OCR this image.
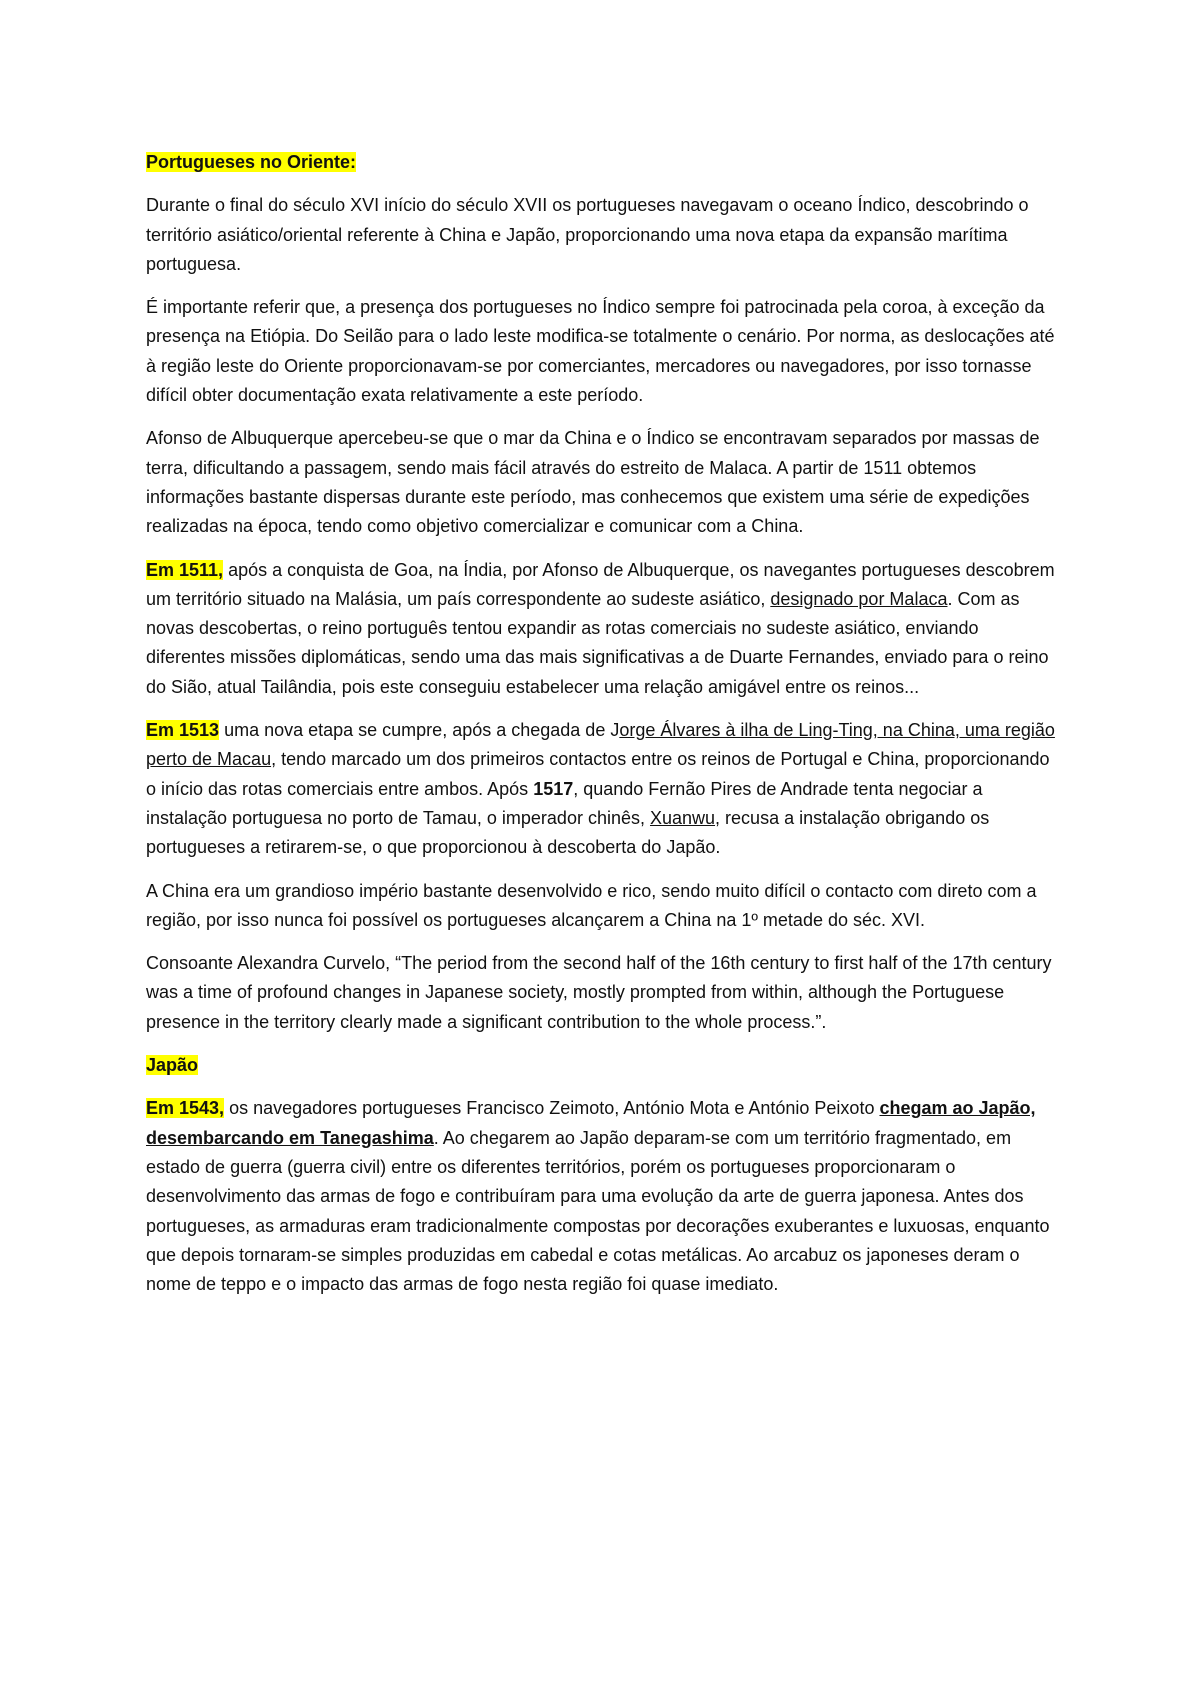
Portugueses no Oriente:

Durante o final do século XVI início do século XVII os portugueses navegavam o oceano Índico, descobrindo o território asiático/oriental referente à China e Japão, proporcionando uma nova etapa da expansão marítima portuguesa.

É importante referir que, a presença dos portugueses no Índico sempre foi patrocinada pela coroa, à exceção da presença na Etiópia. Do Seilão para o lado leste modifica-se totalmente o cenário. Por norma, as deslocações até à região leste do Oriente proporcionavam-se por comerciantes, mercadores ou navegadores, por isso tornasse difícil obter documentação exata relativamente a este período.

Afonso de Albuquerque apercebeu-se que o mar da China e o Índico se encontravam separados por massas de terra, dificultando a passagem, sendo mais fácil através do estreito de Malaca. A partir de 1511 obtemos informações bastante dispersas durante este período, mas conhecemos que existem uma série de expedições realizadas na época, tendo como objetivo comercializar e comunicar com a China.

Em 1511, após a conquista de Goa, na Índia, por Afonso de Albuquerque, os navegantes portugueses descobrem um território situado na Malásia, um país correspondente ao sudeste asiático, designado por Malaca. Com as novas descobertas, o reino português tentou expandir as rotas comerciais no sudeste asiático, enviando diferentes missões diplomáticas, sendo uma das mais significativas a de Duarte Fernandes, enviado para o reino do Sião, atual Tailândia, pois este conseguiu estabelecer uma relação amigável entre os reinos...

Em 1513 uma nova etapa se cumpre, após a chegada de Jorge Álvares à ilha de Ling-Ting, na China, uma região perto de Macau, tendo marcado um dos primeiros contactos entre os reinos de Portugal e China, proporcionando o início das rotas comerciais entre ambos. Após 1517, quando Fernão Pires de Andrade tenta negociar a instalação portuguesa no porto de Tamau, o imperador chinês, Xuanwu, recusa a instalação obrigando os portugueses a retirarem-se, o que proporcionou à descoberta do Japão.

A China era um grandioso império bastante desenvolvido e rico, sendo muito difícil o contacto com direto com a região, por isso nunca foi possível os portugueses alcançarem a China na 1º metade do séc. XVI.

Consoante Alexandra Curvelo, “The period from the second half of the 16th century to first half of the 17th century was a time of profound changes in Japanese society, mostly prompted from within, although the Portuguese presence in the territory clearly made a significant contribution to the whole process.”.

Japão

Em 1543, os navegadores portugueses Francisco Zeimoto, António Mota e António Peixoto chegam ao Japão, desembarcando em Tanegashima. Ao chegarem ao Japão deparam-se com um território fragmentado, em estado de guerra (guerra civil) entre os diferentes territórios, porém os portugueses proporcionaram o desenvolvimento das armas de fogo e contribuíram para uma evolução da arte de guerra japonesa. Antes dos portugueses, as armaduras eram tradicionalmente compostas por decorações exuberantes e luxuosas, enquanto que depois tornaram-se simples produzidas em cabedal e cotas metálicas. Ao arcabuz os japoneses deram o nome de teppo e o impacto das armas de fogo nesta região foi quase imediato.
